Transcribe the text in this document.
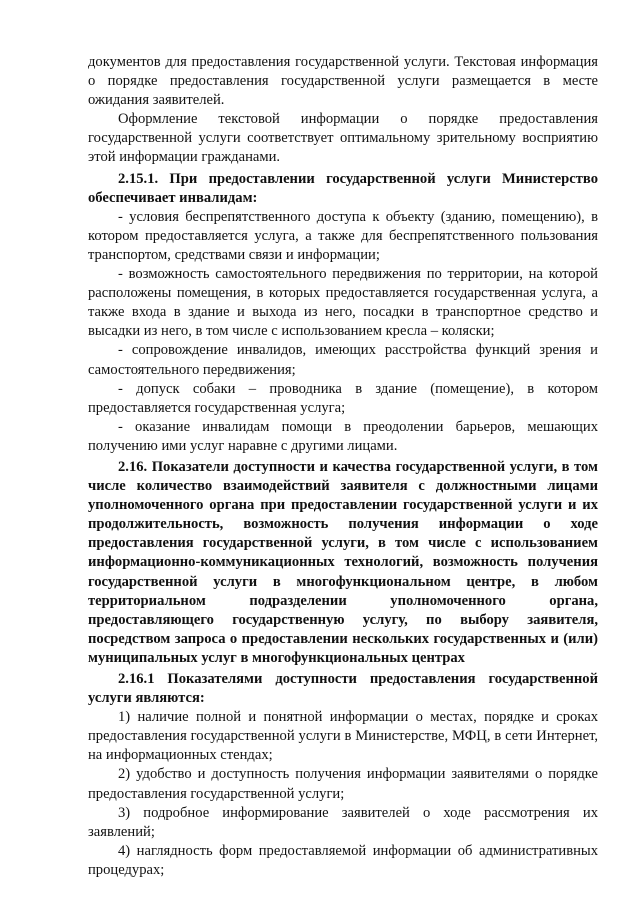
документов для предоставления государственной услуги. Текстовая информация о порядке предоставления государственной услуги размещается в месте ожидания заявителей.

Оформление текстовой информации о порядке предоставления государственной услуги соответствует оптимальному зрительному восприятию этой информации гражданами.

2.15.1. При предоставлении государственной услуги Министерство обеспечивает инвалидам:

- условия беспрепятственного доступа к объекту (зданию, помещению), в котором предоставляется услуга, а также для беспрепятственного пользования транспортом, средствами связи и информации;

- возможность самостоятельного передвижения по территории, на которой расположены помещения, в которых предоставляется государственная услуга, а также входа в здание и выхода из него, посадки в транспортное средство и высадки из него, в том числе с использованием кресла – коляски;

- сопровождение инвалидов, имеющих расстройства функций зрения и самостоятельного передвижения;

- допуск собаки – проводника в здание (помещение), в котором предоставляется государственная услуга;

- оказание инвалидам помощи в преодолении барьеров, мешающих получению ими услуг наравне с другими лицами.

2.16. Показатели доступности и качества государственной услуги, в том числе количество взаимодействий заявителя с должностными лицами уполномоченного органа при предоставлении государственной услуги и их продолжительность, возможность получения информации о ходе предоставления государственной услуги, в том числе с использованием информационно-коммуникационных технологий, возможность получения государственной услуги в многофункциональном центре, в любом территориальном подразделении уполномоченного органа, предоставляющего государственную услугу, по выбору заявителя, посредством запроса о предоставлении нескольких государственных и (или) муниципальных услуг в многофункциональных центрах

2.16.1 Показателями доступности предоставления государственной услуги являются:

1) наличие полной и понятной информации о местах, порядке и сроках предоставления государственной услуги в Министерстве, МФЦ, в сети Интернет, на информационных стендах;

2) удобство и доступность получения информации заявителями о порядке предоставления государственной услуги;

3) подробное информирование заявителей о ходе рассмотрения их заявлений;

4) наглядность форм предоставляемой информации об административных процедурах;
